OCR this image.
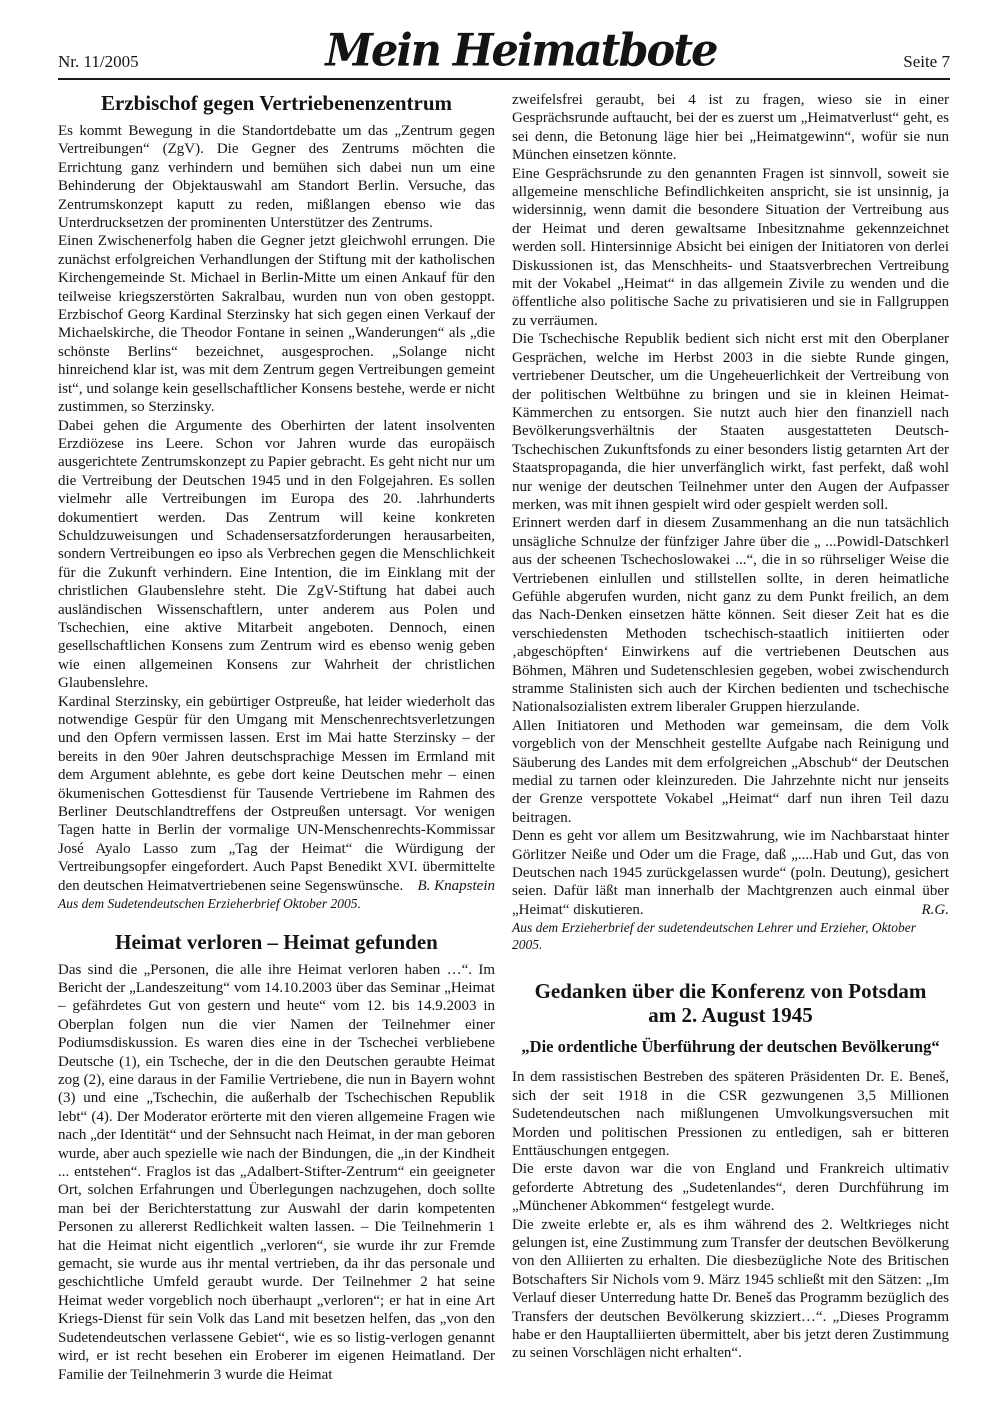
Nr. 11/2005	Mein Heimatbote	Seite 7
Erzbischof gegen Vertriebenenzentrum

Es kommt Bewegung in die Standortdebatte um das „Zentrum gegen Vertreibungen“ (ZgV). Die Gegner des Zentrums möchten die Errichtung ganz verhindern und bemühen sich dabei nun um eine Behinderung der Objektauswahl am Standort Berlin. Versuche, das Zentrumskonzept kaputt zu reden, mißlangen ebenso wie das Unterdrucksetzen der prominenten Unterstützer des Zentrums.

Einen Zwischenerfolg haben die Gegner jetzt gleichwohl errungen. Die zunächst erfolgreichen Verhandlungen der Stiftung mit der katholischen Kirchengemeinde St. Michael in Berlin-Mitte um einen Ankauf für den teilweise kriegszerstörten Sakralbau, wurden nun von oben gestoppt. Erzbischof Georg Kardinal Sterzinsky hat sich gegen einen Verkauf der Michaelskirche, die Theodor Fontane in seinen „Wanderungen“ als „die schönste Berlins“ bezeichnet, ausgesprochen. „Solange nicht hinreichend klar ist, was mit dem Zentrum gegen Vertreibungen gemeint ist“, und solange kein gesellschaftlicher Konsens bestehe, werde er nicht zustimmen, so Sterzinsky.

Dabei gehen die Argumente des Oberhirten der latent insolventen Erzdiözese ins Leere. Schon vor Jahren wurde das europäisch ausgerichtete Zentrumskonzept zu Papier gebracht. Es geht nicht nur um die Vertreibung der Deutschen 1945 und in den Folgejahren. Es sollen vielmehr alle Vertreibungen im Europa des 20. .lahrhunderts dokumentiert werden. Das Zentrum will keine konkreten Schuldzuweisungen und Schadensersatzforderungen herausarbeiten, sondern Vertreibungen eo ipso als Verbrechen gegen die Menschlichkeit für die Zukunft verhindern. Eine Intention, die im Einklang mit der christlichen Glaubenslehre steht. Die ZgV-Stiftung hat dabei auch ausländischen Wissenschaftlern, unter anderem aus Polen und Tschechien, eine aktive Mitarbeit angeboten. Dennoch, einen gesellschaftlichen Konsens zum Zentrum wird es ebenso wenig geben wie einen allgemeinen Konsens zur Wahrheit der christlichen Glaubenslehre.

Kardinal Sterzinsky, ein gebürtiger Ostpreuße, hat leider wiederholt das notwendige Gespür für den Umgang mit Menschenrechtsverletzungen und den Opfern vermissen lassen. Erst im Mai hatte Sterzinsky – der bereits in den 90er Jahren deutschsprachige Messen im Ermland mit dem Argument ablehnte, es gebe dort keine Deutschen mehr – einen ökumenischen Gottesdienst für Tausende Vertriebene im Rahmen des Berliner Deutschlandtreffens der Ostpreußen untersagt. Vor wenigen Tagen hatte in Berlin der vormalige UN-Menschenrechts-Kommissar José Ayalo Lasso zum „Tag der Heimat“ die Würdigung der Vertreibungsopfer eingefordert. Auch Papst Benedikt XVI. übermittelte den deutschen Heimatvertriebenen seine Segenswünsche. B. Knapstein

Aus dem Sudetendeutschen Erzieherbrief Oktober 2005.

Heimat verloren – Heimat gefunden

Das sind die „Personen, die alle ihre Heimat verloren haben …“. Im Bericht der „Landeszeitung“ vom 14.10.2003 über das Seminar „Heimat – gefährdetes Gut von gestern und heute“ vom 12. bis 14.9.2003 in Oberplan folgen nun die vier Namen der Teilnehmer einer Podiumsdiskussion. Es waren dies eine in der Tschechei verbliebene Deutsche (1), ein Tscheche, der in die den Deutschen geraubte Heimat zog (2), eine daraus in der Familie Vertriebene, die nun in Bayern wohnt (3) und eine „Tschechin, die außerhalb der Tschechischen Republik lebt“ (4). Der Moderator erörterte mit den vieren allgemeine Fragen wie nach „der Identität“ und der Sehnsucht nach Heimat, in der man geboren wurde, aber auch spezielle wie nach der Bindungen, die „in der Kindheit ... entstehen“. Fraglos ist das „Adalbert-Stifter-Zentrum“ ein geeigneter Ort, solchen Erfahrungen und Überlegungen nachzugehen, doch sollte man bei der Berichterstattung zur Auswahl der darin kompetenten Personen zu allererst Redlichkeit walten lassen. – Die Teilnehmerin 1 hat die Heimat nicht eigentlich „verloren“, sie wurde ihr zur Fremde gemacht, sie wurde aus ihr mental vertrieben, da ihr das personale und geschichtliche Umfeld geraubt wurde. Der Teilnehmer 2 hat seine Heimat weder vorgeblich noch überhaupt „verloren“; er hat in eine Art Kriegs-Dienst für sein Volk das Land mit besetzen helfen, das „von den Sudetendeutschen verlassene Gebiet“, wie es so listig-verlogen genannt wird, er ist recht besehen ein Eroberer im eigenen Heimatland. Der Familie der Teilnehmerin 3 wurde die Heimat

zweifelsfrei geraubt, bei 4 ist zu fragen, wieso sie in einer Gesprächsrunde auftaucht, bei der es zuerst um „Heimatverlust“ geht, es sei denn, die Betonung läge hier bei „Heimatgewinn“, wofür sie nun München einsetzen könnte.

Eine Gesprächsrunde zu den genannten Fragen ist sinnvoll, soweit sie allgemeine menschliche Befindlichkeiten anspricht, sie ist unsinnig, ja widersinnig, wenn damit die besondere Situation der Vertreibung aus der Heimat und deren gewaltsame Inbesitznahme gekennzeichnet werden soll. Hintersinnige Absicht bei einigen der Initiatoren von derlei Diskussionen ist, das Menschheits- und Staatsverbrechen Vertreibung mit der Vokabel „Heimat“ in das allgemein Zivile zu wenden und die öffentliche also politische Sache zu privatisieren und sie in Fallgruppen zu verräumen.

Die Tschechische Republik bedient sich nicht erst mit den Oberplaner Gesprächen, welche im Herbst 2003 in die siebte Runde gingen, vertriebener Deutscher, um die Ungeheuerlichkeit der Vertreibung von der politischen Weltbühne zu bringen und sie in kleinen Heimat-Kämmerchen zu entsorgen. Sie nutzt auch hier den finanziell nach Bevölkerungsverhältnis der Staaten ausgestatteten Deutsch-Tschechischen Zukunftsfonds zu einer besonders listig getarnten Art der Staatspropaganda, die hier unverfänglich wirkt, fast perfekt, daß wohl nur wenige der deutschen Teilnehmer unter den Augen der Aufpasser merken, was mit ihnen gespielt wird oder gespielt werden soll.

Erinnert werden darf in diesem Zusammenhang an die nun tatsächlich unsägliche Schnulze der fünfziger Jahre über die „ ...Powidl-Datschkerl aus der scheenen Tschechoslowakei ...“, die in so rührseliger Weise die Vertriebenen einlullen und stillstellen sollte, in deren heimatliche Gefühle abgerufen wurden, nicht ganz zu dem Punkt freilich, an dem das Nach-Denken einsetzen hätte können. Seit dieser Zeit hat es die verschiedensten Methoden tschechisch-staatlich initiierten oder ‚abgeschöpften‘ Einwirkens auf die vertriebenen Deutschen aus Böhmen, Mähren und Sudetenschlesien gegeben, wobei zwischendurch stramme Stalinisten sich auch der Kirchen bedienten und tschechische Nationalsozialisten extrem liberaler Gruppen hierzulande.

Allen Initiatoren und Methoden war gemeinsam, die dem Volk vorgeblich von der Menschheit gestellte Aufgabe nach Reinigung und Säuberung des Landes mit dem erfolgreichen „Abschub“ der Deutschen medial zu tarnen oder kleinzureden. Die Jahrzehnte nicht nur jenseits der Grenze verspottete Vokabel „Heimat“ darf nun ihren Teil dazu beitragen.

Denn es geht vor allem um Besitzwahrung, wie im Nachbarstaat hinter Görlitzer Neiße und Oder um die Frage, daß „....Hab und Gut, das von Deutschen nach 1945 zurückgelassen wurde“ (poln. Deutung), gesichert seien. Dafür läßt man innerhalb der Machtgrenzen auch einmal über „Heimat“ diskutieren.	R.G.

Aus dem Erzieherbrief der sudetendeutschen Lehrer und Erzieher, Oktober 2005.

Gedanken über die Konferenz von Potsdam
am 2. August 1945
„Die ordentliche Überführung der deutschen Bevölkerung“

In dem rassistischen Bestreben des späteren Präsidenten Dr. E. Beneš, sich der seit 1918 in die CSR gezwungenen 3,5 Millionen Sudetendeutschen nach mißlungenen Umvolkungsversuchen mit Morden und politischen Pressionen zu entledigen, sah er bitteren Enttäuschungen entgegen.

Die erste davon war die von England und Frankreich ultimativ geforderte Abtretung des „Sudetenlandes“, deren Durchführung im „Münchener Abkommen“ festgelegt wurde.

Die zweite erlebte er, als es ihm während des 2. Weltkrieges nicht gelungen ist, eine Zustimmung zum Transfer der deutschen Bevölkerung von den Alliierten zu erhalten. Die diesbezügliche Note des Britischen Botschafters Sir Nichols vom 9. März 1945 schließt mit den Sätzen: „Im Verlauf dieser Unterredung hatte Dr. Beneš das Programm bezüglich des Transfers der deutschen Bevölkerung skizziert…“. „Dieses Programm habe er den Hauptalliierten übermittelt, aber bis jetzt deren Zustimmung zu seinen Vorschlägen nicht erhalten“.
